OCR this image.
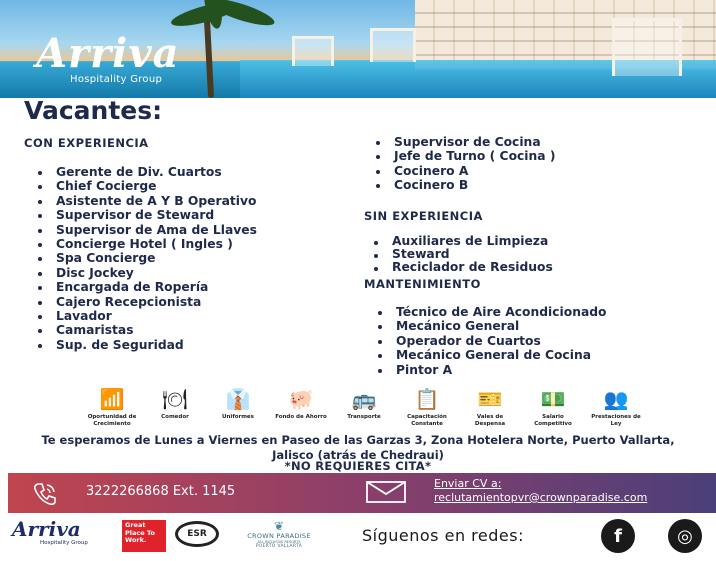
Arriva
Hospitality Group
Vacantes:
CON EXPERIENCIA
Gerente de Div. Cuartos
Chief Cocierge
Asistente de A Y B Operativo
Supervisor de Steward
Supervisor de Ama de Llaves
Concierge Hotel ( Ingles )
Spa Concierge
Disc Jockey
Encargada de Ropería
Cajero Recepcionista
Lavador
Camaristas
Sup. de Seguridad
Supervisor de Cocina
Jefe de Turno ( Cocina )
Cocinero A
Cocinero B
SIN EXPERIENCIA
Auxiliares de Limpieza
Steward
Reciclador de Residuos
MANTENIMIENTO
Técnico de Aire Acondicionado
Mecánico General
Operador de Cuartos
Mecánico General de Cocina
Pintor A
📶
Oportunidad de Crecimiento
🍽
Comedor
👔
Uniformes
🐖
Fondo de Ahorro
🚌
Transporte
📋
Capacitación Constante
🎫
Vales de Despensa
💵
Salario Competitivo
👥
Prestaciones de Ley
Te esperamos de Lunes a Viernes en Paseo de las Garzas 3, Zona Hotelera Norte, Puerto Vallarta, Jalisco (atrás de Chedraui)
*NO REQUIERES CITA*
3222266868 Ext. 1145
Enviar CV a:
reclutamientopvr@crownparadise.com
Arriva
Hospitality Group
Great Place To Work.
ESR
❦
CROWN PARADISE
ALL INCLUSIVE RESORTS
PUERTO VALLARTA
Síguenos en redes:	f	◎
